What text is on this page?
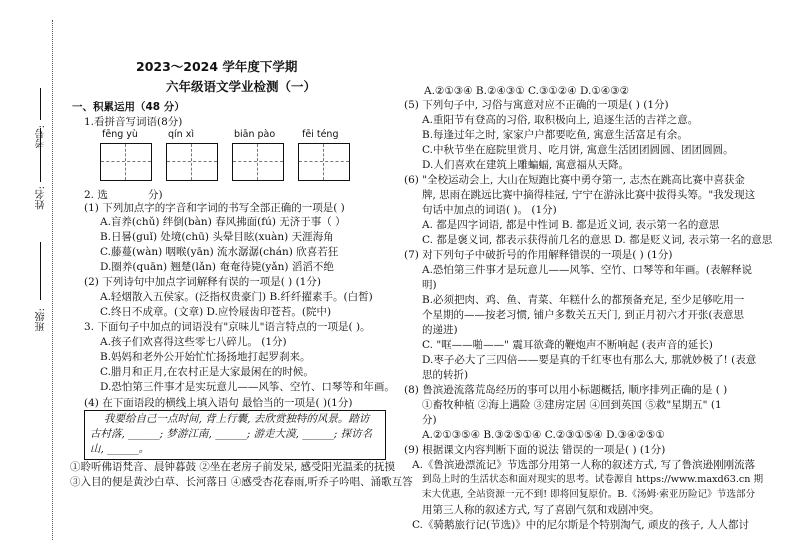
班级:
姓名:
考号:
2023～2024 学年度下学期
六年级语文学业检测（一）
一、积累运用（48 分）
1.看拼音写词语(8分)
fēng yù	qín xì	biān pào	fēi téng
2. 选	分)
(1) 下列加点字的字音和字词的书写全部正确的一项是( )
A.盲养(chǔ) 绊倒(bàn) 春风拂面(fú) 无济于事（ ）
B.日晷(guǐ) 处境(chū) 头晕目眩(xuàn) 天涯海角
C.藤蔓(wàn) 咽喉(yān) 流水潺潺(chán) 欣喜若狂
D.圈养(quān) 翘楚(lǎn) 奄奄待毙(yǎn) 滔滔不绝
(2) 下列诗句中加点字词解释有误的一项是( ) (1分)
A.轻烟散入五侯家。(泛指权贵豪门) B.纤纤擢素手。(白皙)
C.终日不成章。(文章) D.应怜屐齿印苍苔。(院中)
3. 下面句子中加点的词语没有"京味儿"语言特点的一项是( )。
A.孩子们欢喜得这些零七八碎儿。 (1分)
B.妈妈和老外公开始忙忙扬扬地打起罗刹来。
C.腊月和正月,在农村正是大家最闲在的时候。
D.恐怕第三件事才是实玩意儿——风筝、空竹、口琴等和年画。
(4) 在下面语段的横线上填入语句 最恰当的一项是( )(1分)
我要给自己一点时间, 背上行囊, 去欣赏独特的风景。踏访
古村落, ______; 梦游江南, ______; 游走大漠, ______; 探访名
山, ______。
①聆听佛语梵音、晨钟暮鼓 ②坐在老房子前发呆, 感受阳光温柔的抚摸
③入目的便是黄沙白草、长河落日 ④感受杏花春雨,听乔子吟唱、涌歌互答
A.②①③④ B.②④③① C.③①②④ D.①④③②
(5) 下列句子中, 习俗与寓意对应不正确的一项是( ) (1分)
A.重阳节有登高的习俗, 取积极向上, 追逐生活的吉祥之意。
B.每逢过年之时, 家家户户都要吃鱼, 寓意生活富足有余。
C.中秋节坐在庭院里赏月、吃月饼, 寓意生活团团圆圆、团团圆圆。
D.人们喜欢在建筑上雕蝙蝠, 寓意福从天降。
(6) "全校运动会上, 大山在短跑比赛中勇夺第一, 志杰在跳高比赛中喜获金
牌, 思雨在跳远比赛中摘得桂冠, 宁宁在游泳比赛中拔得头筹。"我发现这
句话中加点的词语( )。 (1分)
A. 都是四字词语, 都是中性词 B. 都是近义词, 表示第一名的意思
C. 都是褒义词, 都表示获得前几名的意思 D. 都是贬义词, 表示第一名的意思
(7) 对下列句子中破折号的作用解释错误的一项是( ) (1分)
A.恐怕第三件事才是玩意儿——风筝、空竹、口琴等和年画。(表解释说
明)
B.必须把肉、鸡、鱼、青菜、年糕什么的都预备充足, 至少足够吃用一
个星期的——按老习惯, 铺户多数关五天门, 到正月初六才开张(表意思
的递进)
C. "哐——啪——" 震耳欲聋的鞭炮声不断响起 (表声音的延长)
D.枣子必大了三四倍——要是真的千红枣也有那么大, 那就妙极了! (表意
思的转折)
(8) 鲁滨逊流落荒岛经历的事可以用小标题概括, 顺序排列正确的是 ( )
①畜牧种植 ②海上遇险 ③建房定居 ④回到英国 ⑤救"星期五" (1
分)
A.②①③⑤④ B.③②⑤①④ C.②③①⑤④ D.③④②⑤①
(9) 根据课文内容判断下面的说法 错误的一项是( ) (1分)
A.《鲁滨逊漂流记》节选部分用第一人称的叙述方式, 写了鲁滨逊刚刚流落
到岛上时的生活状态和面对现实的思考。试卷源自 https://www.maxd63.cn 期
末大优惠, 全站资源一元不到! 即将回复原价。B.《汤姆·索亚历险记》节选部分
用第三人称的叙述方式, 写了喜剧气氛和戏剧冲突。
C.《骑鹅旅行记(节选)》中的尼尔斯是个特别淘气, 顽皮的孩子, 人人都讨
